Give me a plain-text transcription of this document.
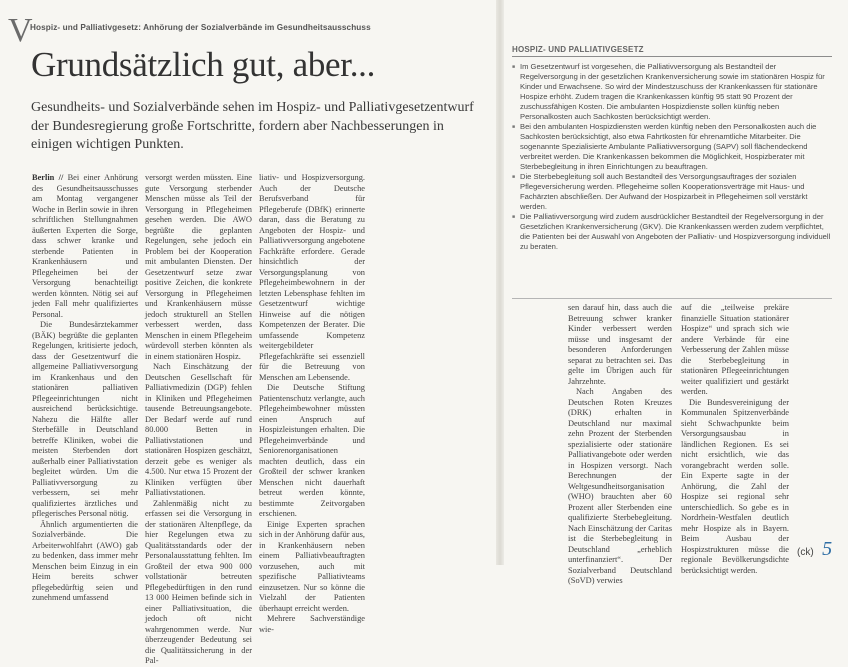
V
Hospiz- und Palliativgesetz: Anhörung der Sozialverbände im Gesundheitsausschuss
Grundsätzlich gut, aber...
Gesundheits- und Sozialverbände sehen im Hospiz- und Palliativgesetzentwurf der Bundesregierung große Fortschritte, fordern aber Nachbesserungen in einigen wichtigen Punkten.

Berlin // Bei einer Anhörung des Gesundheitsausschusses am Montag vergangener Woche in Berlin sowie in ihren schriftlichen Stellungnahmen äußerten Experten die Sorge, dass schwer kranke und sterbende Patienten in Krankenhäusern und Pflegeheimen bei der Versorgung benachteiligt werden könnten. Nötig sei auf jeden Fall mehr qualifiziertes Personal.

Die Bundesärztekammer (BÄK) begrüßte die geplanten Regelungen, kritisierte jedoch, dass der Gesetzentwurf die allgemeine Palliativversorgung im Krankenhaus und den stationären palliativen Pflegeeinrichtungen nicht ausreichend berücksichtige. Nahezu die Hälfte aller Sterbefälle in Deutschland betreffe Kliniken, wobei die meisten Sterbenden dort außerhalb einer Palliativstation begleitet würden. Um die Palliativversorgung zu verbessern, sei mehr qualifiziertes ärztliches und pflegerisches Personal nötig.

Ähnlich argumentierten die Sozialverbände. Die Arbeiterwohlfahrt (AWO) gab zu bedenken, dass immer mehr Menschen beim Einzug in ein Heim bereits schwer pflegebedürftig seien und zunehmend umfassend

versorgt werden müssten. Eine gute Versorgung sterbender Menschen müsse als Teil der Versorgung in Pflegeheimen gesehen werden. Die AWO begrüßte die geplanten Regelungen, sehe jedoch ein Problem bei der Kooperation mit ambulanten Diensten. Der Gesetzentwurf setze zwar positive Zeichen, die konkrete Versorgung in Pflegeheimen und Krankenhäusern müsse jedoch strukturell an Stellen verbessert werden, dass Menschen in einem Pflegeheim würdevoll sterben könnten als in einem stationären Hospiz.

Nach Einschätzung der Deutschen Gesellschaft für Palliativmedizin (DGP) fehlen in Kliniken und Pflegeheimen tausende Betreuungsangebote. Der Bedarf werde auf rund 80.000 Betten in Palliativstationen und stationären Hospizen geschätzt, derzeit gebe es weniger als 4.500. Nur etwa 15 Prozent der Kliniken verfügten über Palliativstationen.

Zahlenmäßig nicht zu erfassen sei die Versorgung in der stationären Altenpflege, da hier Regelungen etwa zu Qualitätsstandards oder der Personalausstattung fehlten. Im Großteil der etwa 900 000 vollstationär betreuten Pflegebedürftigen in den rund 13 000 Heimen befinde sich in einer Palliativsituation, die jedoch oft nicht wahrgenommen werde. Nur überzeugender Bedeutung sei die Qualitätssicherung in der Pal-

liativ- und Hospizversorgung. Auch der Deutsche Berufsverband für Pflegeberufe (DBfK) erinnerte daran, dass die Beratung zu Angeboten der Hospiz- und Palliativversorgung angebotene Fachkräfte erfordere. Gerade hinsichtlich der Versorgungsplanung von Pflegeheimbewohnern in der letzten Lebensphase fehlten im Gesetzentwurf wichtige Hinweise auf die nötigen Kompetenzen der Berater. Die umfassende Kompetenz weitergebildeter Pflegefachkräfte sei essenziell für die Betreuung von Menschen am Lebensende.

Die Deutsche Stiftung Patientenschutz verlangte, auch Pflegeheimbewohner müssten einen Anspruch auf Hospizleistungen erhalten. Die Pflegeheimverbände und Seniorenorganisationen machten deutlich, dass ein Großteil der schwer kranken Menschen nicht dauerhaft betreut werden könnte, bestimmte Zeitvorgaben erschienen.

Einige Experten sprachen sich in der Anhörung dafür aus, in Krankenhäusern neben einem Palliativbeauftragten vorzusehen, auch mit spezifische Palliativteams einzusetzen. Nur so könne die Vielzahl der Patienten überhaupt erreicht werden.

Mehrere Sachverständige wie-

HOSPIZ- UND PALLIATIVGESETZ
■ Im Gesetzentwurf ist vorgesehen, die Palliativversorgung als Bestandteil der Regelversorgung in der gesetzlichen Krankenversicherung sowie im stationären Hospiz für Kinder und Erwachsene. So wird der Mindestzuschuss der Krankenkassen für stationäre Hospize erhöht. Zudem tragen die Krankenkassen künftig 95 statt 90 Prozent der zuschussfähigen Kosten. Die ambulanten Hospizdienste sollen künftig neben Personalkosten auch Sachkosten berücksichtigt werden.
■ Bei den ambulanten Hospizdiensten werden künftig neben den Personalkosten auch die Sachkosten berücksichtigt, also etwa Fahrtkosten für ehrenamtliche Mitarbeiter. Die sogenannte Spezialisierte Ambulante Palliativversorgung (SAPV) soll flächendeckend verbreitet werden. Die Krankenkassen bekommen die Möglichkeit, Hospizberater mit Sterbebegleitung in ihren Einrichtungen zu beauftragen.
■ Die Sterbebegleitung soll auch Bestandteil des Versorgungsauftrages der sozialen Pflegeversicherung werden. Pflegeheime sollen Kooperationsverträge mit Haus- und Fachärzten abschließen. Der Aufwand der Hospizarbeit in Pflegeheimen soll verstärkt werden.
■ Die Palliativversorgung wird zudem ausdrücklicher Bestandteil der Regelversorgung in der Gesetzlichen Krankenversicherung (GKV). Die Krankenkassen werden zudem verpflichtet, die Patienten bei der Auswahl von Angeboten der Palliativ- und Hospizversorgung individuell zu beraten.

sen darauf hin, dass auch die Betreuung schwer kranker Kinder verbessert werden müsse und insgesamt der besonderen Anforderungen separat zu betrachten sei. Das gelte im Übrigen auch für Jahrzehnte.

Nach Angaben des Deutschen Roten Kreuzes (DRK) erhalten in Deutschland nur maximal zehn Prozent der Sterbenden spezialisierte oder stationäre Palliativangebote oder werden in Hospizen versorgt. Nach Berechnungen der Weltgesundheitsorganisation (WHO) brauchten aber 60 Prozent aller Sterbenden eine qualifizierte Sterbebegleitung. Nach Einschätzung der Caritas ist die Sterbebegleitung in Deutschland „erheblich unterfinanziert“. Der Sozialverband Deutschland (SoVD) verwies

auf die „teilweise prekäre finanzielle Situation stationärer Hospize“ und sprach sich wie andere Verbände für eine Verbesserung der Zahlen müsse die Sterbebegleitung in stationären Pflegeeinrichtungen weiter qualifiziert und gestärkt werden.

Die Bundesvereinigung der Kommunalen Spitzenverbände sieht Schwachpunkte beim Versorgungsausbau in ländlichen Regionen. Es sei nicht ersichtlich, wie das vorangebracht werden solle. Ein Experte sagte in der Anhörung, die Zahl der Hospize sei regional sehr unterschiedlich. So gebe es in Nordrhein-Westfalen deutlich mehr Hospize als in Bayern. Beim Ausbau der Hospizstrukturen müsse die regionale Bevölkerungsdichte berücksichtigt werden.

(ck) 5
